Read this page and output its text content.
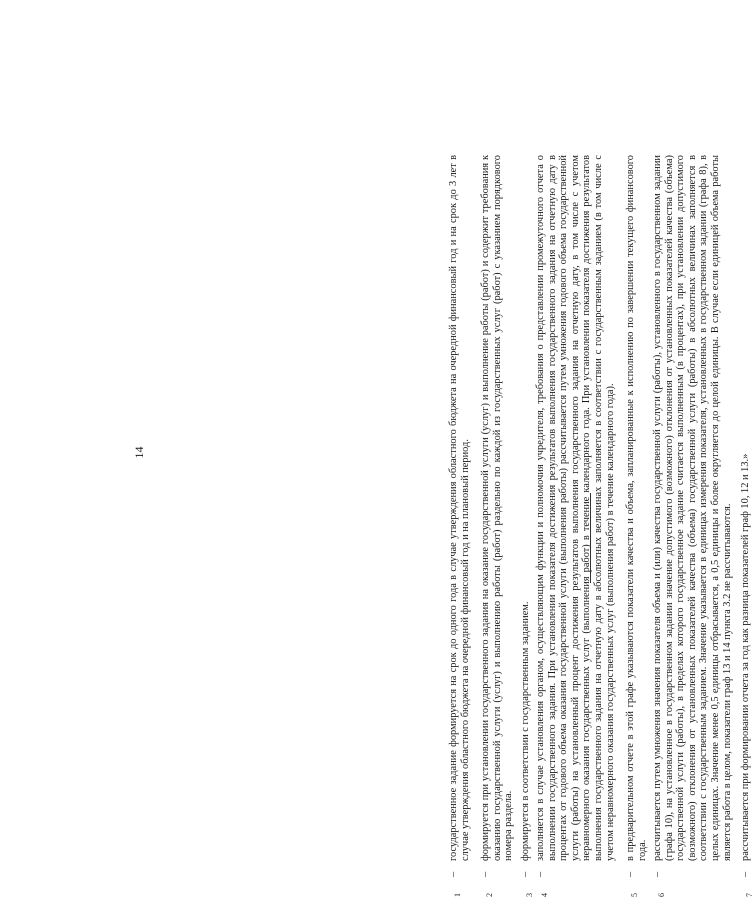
14
1
–
государственное задание формируется на срок до одного года в случае утверждения областного бюджета на очередной финансовый год и на срок до 3 лет в случае утверждения областного бюджета на очередной финансовый год и на плановый период.
2
–
формируется при установлении государственного задания на оказание государственной услуги (услуг) и выполнение работы (работ) и содержит требования к оказанию государственной услуги (услуг) и выполнению работы (работ) раздельно по каждой из государственных услуг (работ) с указанием порядкового номера раздела.
3
–
формируется в соответствии с государственным заданием.
4
–
заполняется в случае установления органом, осуществляющим функции и полномочия учредителя, требования о представлении промежуточного отчета о выполнении государственного задания. При установлении показателя достижения результатов выполнения государственного задания на отчетную дату в процентах от годового объема оказания государственной услуги (выполнения работы) рассчитывается путем умножения годового объема государственной услуги (работы) на установленный процент достижения результатов выполнения государственного задания на отчетную дату, в том числе с учетом неравномерного оказания государственных услуг (выполнения работ) в течение календарного года. При установлении показателя достижения результатов выполнения государственного задания на отчетную дату в абсолютных величинах заполняется в соответствии с государственным заданием (в том числе с учетом неравномерного оказания государственных услуг (выполнения работ) в течение календарного года).
5
–
в предварительном отчете в этой графе указываются показатели качества и объема, запланированные к исполнению по завершении текущего финансового года.
6
–
рассчитывается путем умножения значения показателя объема и (или) качества государственной услуги (работы), установленного в государственном задании (графа 10), на установленное в государственном задании значение допустимого (возможного) отклонения от установленных показателей качества (объема) государственной услуги (работы), в пределах которого государственное задание считается выполненным (в процентах), при установлении допустимого (возможного) отклонения от установленных показателей качества (объема) государственной услуги (работы) в абсолютных величинах заполняется в соответствии с государственным заданием. Значение указывается в единицах измерения показателя, установленных в государственном задании (графа 8), в целых единицах. Значение менее 0,5 единицы отбрасывается, а 0,5 единицы и более округляется до целой единицы. В случае если единицей объема работы является работа в целом, показатели граф 13 и 14 пункта 3.2 не рассчитываются.
7
–
рассчитывается при формировании отчета за год как разница показателей граф 10, 12 и 13.»
